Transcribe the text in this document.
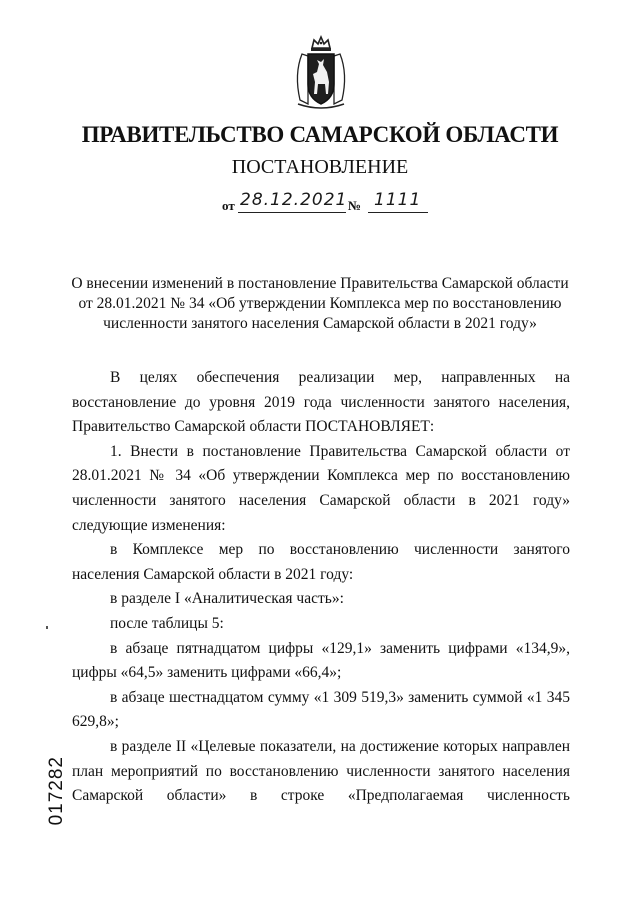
ПРАВИТЕЛЬСТВО САМАРСКОЙ ОБЛАСТИ
ПОСТАНОВЛЕНИЕ
от 28.12.2021 № 1111
О внесении изменений в постановление Правительства Самарской области
от 28.01.2021 № 34 «Об утверждении Комплекса мер по восстановлению
численности занятого населения Самарской области в 2021 году»

В целях обеспечения реализации мер, направленных на восстановление до уровня 2019 года численности занятого населения, Правительство Самарской области ПОСТАНОВЛЯЕТ:

1. Внести в постановление Правительства Самарской области от 28.01.2021 № 34 «Об утверждении Комплекса мер по восстановлению численности занятого населения Самарской области в 2021 году» следующие изменения:

в Комплексе мер по восстановлению численности занятого населения Самарской области в 2021 году:

в разделе I «Аналитическая часть»:

после таблицы 5:

в абзаце пятнадцатом цифры «129,1» заменить цифрами «134,9», цифры «64,5» заменить цифрами «66,4»;

в абзаце шестнадцатом сумму «1 309 519,3» заменить суммой «1 345 629,8»;

в разделе II «Целевые показатели, на достижение которых направлен план мероприятий по восстановлению численности занятого населения Самарской области» в строке «Предполагаемая численность

017282
